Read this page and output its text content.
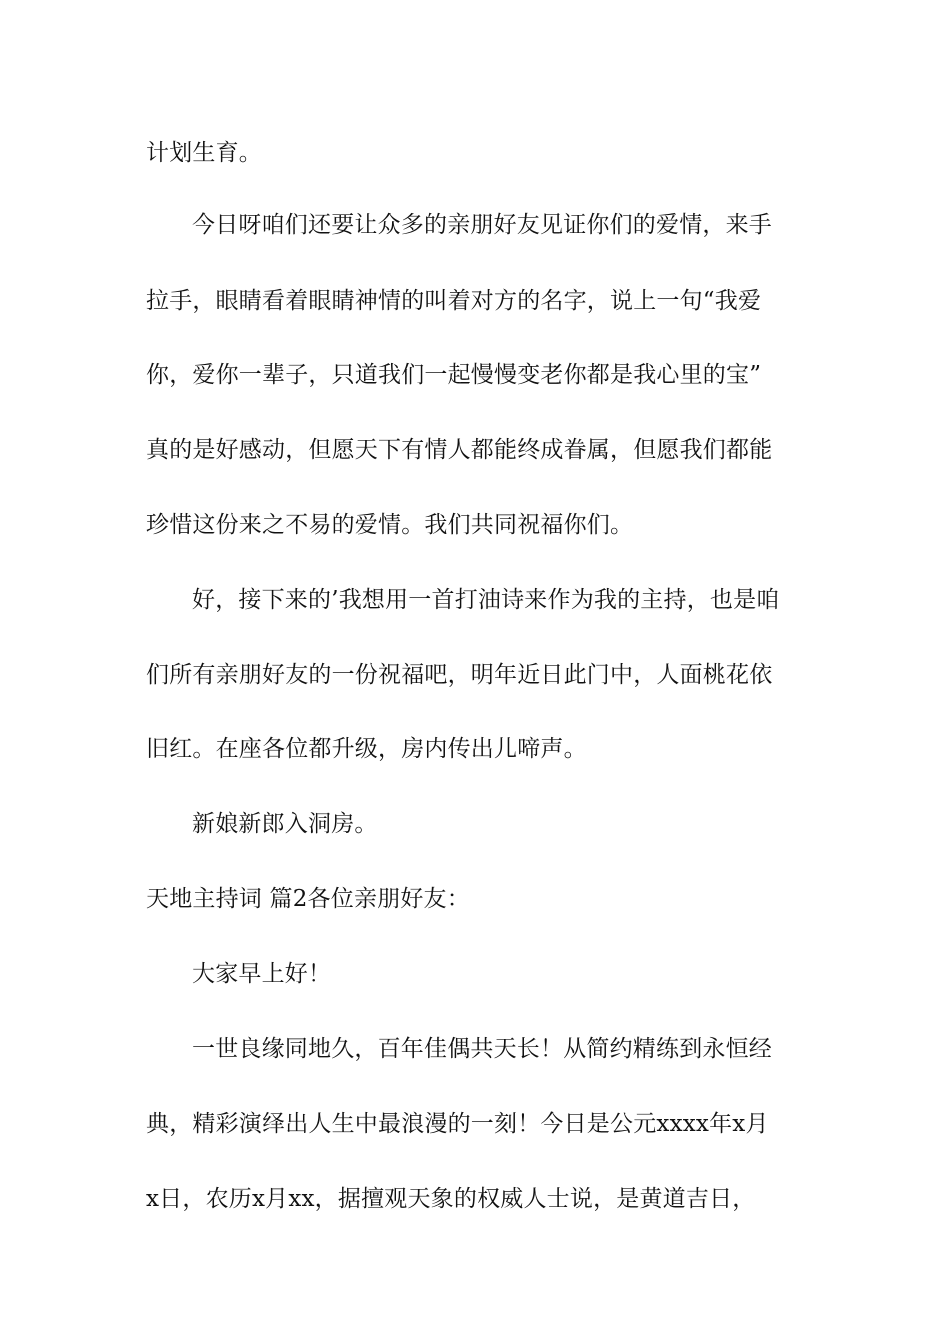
计划生育。
今日呀咱们还要让众多的亲朋好友见证你们的爱情，来手
拉手，眼睛看着眼睛神情的叫着对方的名字，说上一句“我爱
你，爱你一辈子，只道我们一起慢慢变老你都是我心里的宝”
真的是好感动，但愿天下有情人都能终成眷属，但愿我们都能
珍惜这份来之不易的爱情。我们共同祝福你们。
好，接下来的’我想用一首打油诗来作为我的主持，也是咱
们所有亲朋好友的一份祝福吧，明年近日此门中，人面桃花依
旧红。在座各位都升级，房内传出儿啼声。
新娘新郎入洞房。
天地主持词 篇2各位亲朋好友：
大家早上好！
一世良缘同地久，百年佳偶共天长！从简约精练到永恒经
典，精彩演绎出人生中最浪漫的一刻！今日是公元xxxx年x月
x日，农历x月xx，据擅观天象的权威人士说，是黄道吉日，
